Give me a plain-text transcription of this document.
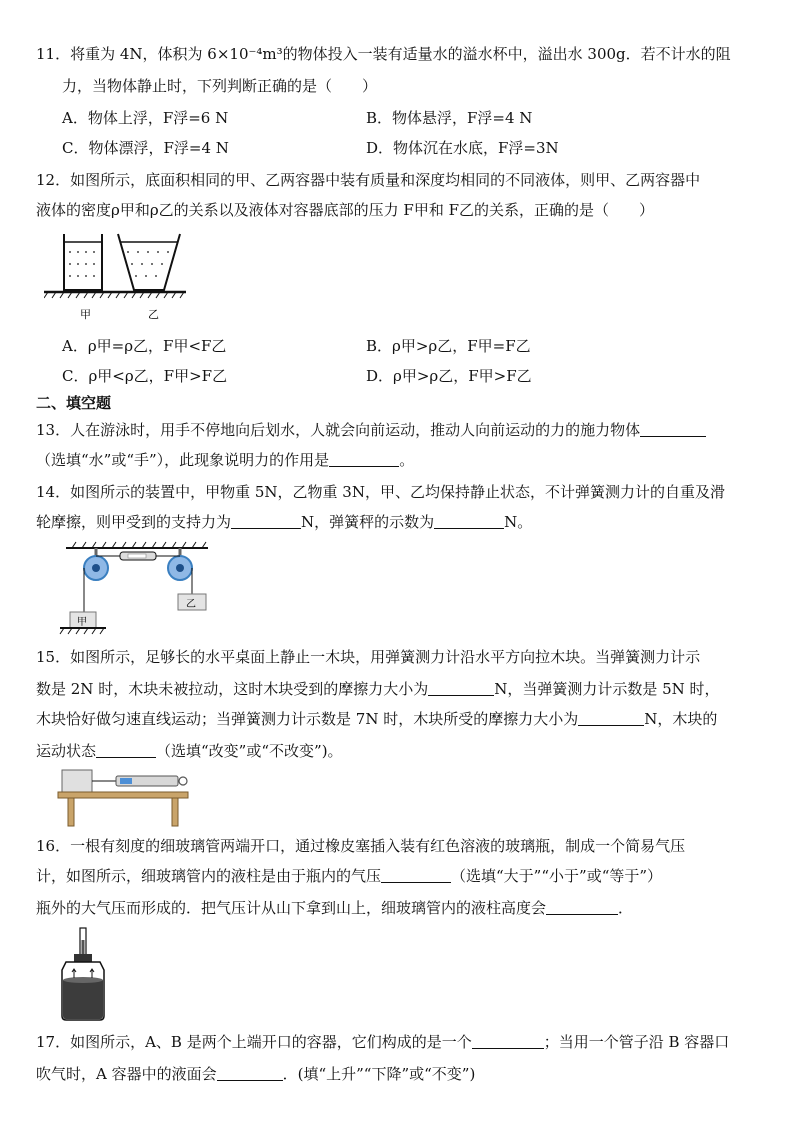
11．将重为 4N，体积为 6×10⁻⁴m³的物体投入一装有适量水的溢水杯中，溢出水 300g．若不计水的阻
力，当物体静止时，下列判断正确的是（　　）
A．物体上浮，F浮=6 N	B．物体悬浮，F浮=4 N
C．物体漂浮，F浮=4 N	D．物体沉在水底，F浮=3N
12．如图所示，底面积相同的甲、乙两容器中装有质量和深度均相同的不同液体，则甲、乙两容器中
液体的密度ρ甲和ρ乙的关系以及液体对容器底部的压力 F甲和 F乙的关系，正确的是（　　）
甲	乙
A．ρ甲=ρ乙，F甲<F乙	B．ρ甲>ρ乙，F甲=F乙
C．ρ甲<ρ乙，F甲>F乙	D．ρ甲>ρ乙，F甲>F乙
二、填空题
13．人在游泳时，用手不停地向后划水，人就会向前运动，推动人向前运动的力的施力物体
（选填“水”或“手”），此现象说明力的作用是	。
14．如图所示的装置中，甲物重 5N，乙物重 3N，甲、乙均保持静止状态，不计弹簧测力计的自重及滑
轮摩擦，则甲受到的支持力为	N，弹簧秤的示数为	N。
甲
乙
15．如图所示，足够长的水平桌面上静止一木块，用弹簧测力计沿水平方向拉木块。当弹簧测力计示
数是 2N 时，木块未被拉动，这时木块受到的摩擦力大小为	N，当弹簧测力计示数是 5N 时，
木块恰好做匀速直线运动；当弹簧测力计示数是 7N 时，木块所受的摩擦力大小为	N，木块的
运动状态	（选填“改变”或“不改变”)。
16．一根有刻度的细玻璃管两端开口，通过橡皮塞插入装有红色溶液的玻璃瓶，制成一个简易气压
计，如图所示，细玻璃管内的液柱是由于瓶内的气压	（选填“大于”“小于”或“等于”）
瓶外的大气压而形成的．把气压计从山下拿到山上，细玻璃管内的液柱高度会	．
17．如图所示，A、B 是两个上端开口的容器，它们构成的是一个	；当用一个管子沿 B 容器口
吹气时，A 容器中的液面会	．(填“上升”“下降”或“不变”)
